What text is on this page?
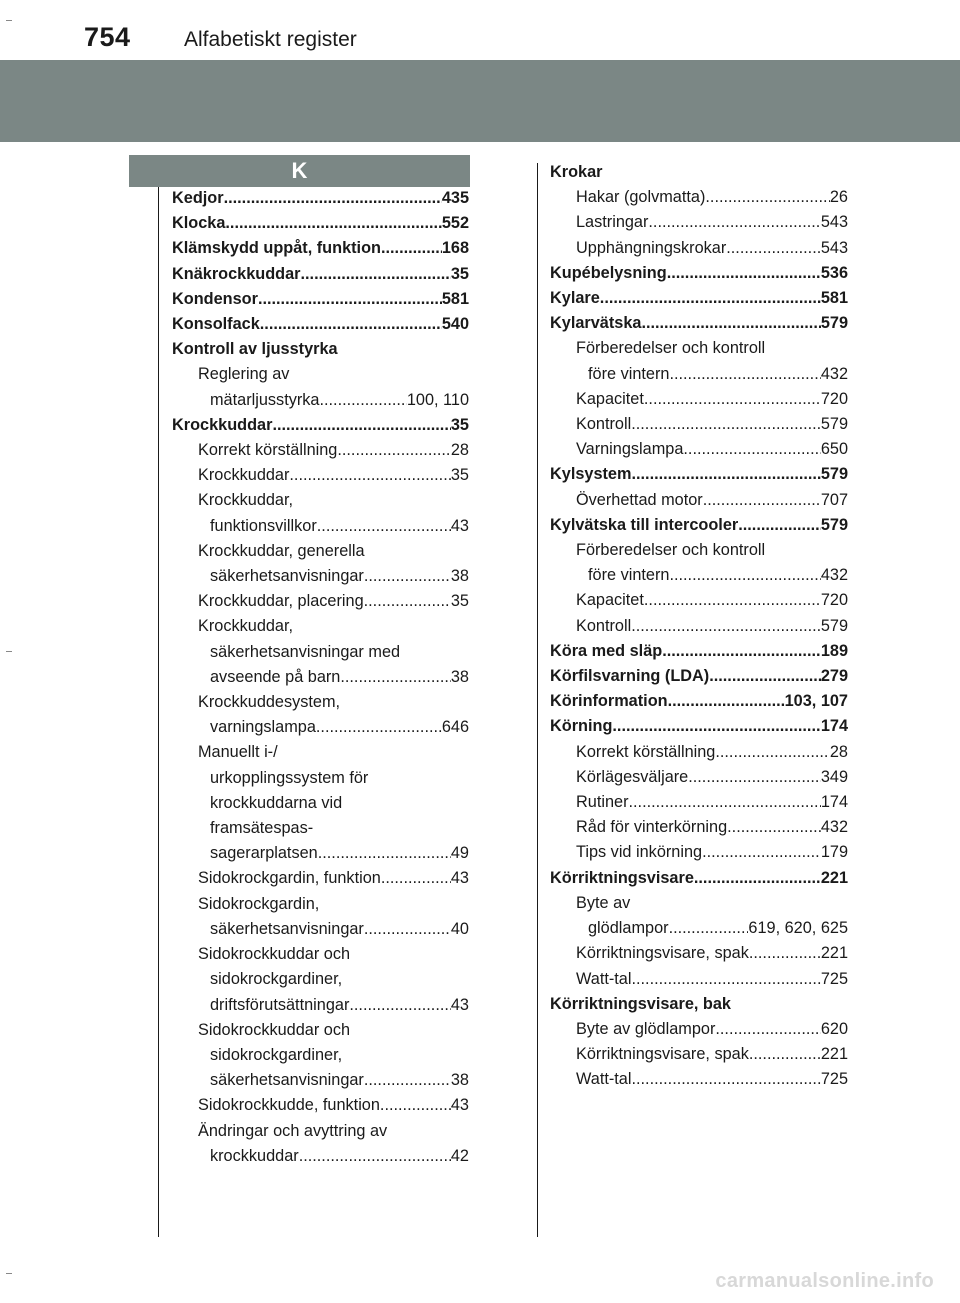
754	Alfabetiskt register
K
Kedjor .....	435
Klocka .....	552
Klämskydd uppåt, funktion .....	168
Knäkrockkuddar .....	35
Kondensor .....	581
Konsolfack .....	540
Kontroll av ljusstyrka
Reglering av
mätarljusstyrka .....	100, 110
Krockkuddar .....	35
Korrekt körställning .....	28
Krockkuddar .....	35
Krockkuddar,
funktionsvillkor .....	43
Krockkuddar, generella
säkerhetsanvisningar .....	38
Krockkuddar, placering .....	35
Krockkuddar,
säkerhetsanvisningar med
avseende på barn .....	38
Krockkuddesystem,
varningslampa .....	646
Manuellt i-/
urkopplingssystem för
krockkuddarna vid
framsätespas-
sagerarplatsen .....	49
Sidokrockgardin, funktion .....	43
Sidokrockgardin,
säkerhetsanvisningar .....	40
Sidokrockkuddar och
sidokrockgardiner,
driftsförutsättningar .....	43
Sidokrockkuddar och
sidokrockgardiner,
säkerhetsanvisningar .....	38
Sidokrockkudde, funktion .....	43
Ändringar och avyttring av
krockkuddar .....	42
Krokar
Hakar (golvmatta) .....	26
Lastringar .....	543
Upphängningskrokar .....	543
Kupébelysning .....	536
Kylare .....	581
Kylarvätska .....	579
Förberedelser och kontroll
före vintern .....	432
Kapacitet .....	720
Kontroll .....	579
Varningslampa .....	650
Kylsystem .....	579
Överhettad motor .....	707
Kylvätska till intercooler .....	579
Förberedelser och kontroll
före vintern .....	432
Kapacitet .....	720
Kontroll .....	579
Köra med släp .....	189
Körfilsvarning (LDA) .....	279
Körinformation .....	103, 107
Körning .....	174
Korrekt körställning .....	28
Körlägesväljare .....	349
Rutiner .....	174
Råd för vinterkörning .....	432
Tips vid inkörning .....	179
Körriktningsvisare .....	221
Byte av
glödlampor .....	619, 620, 625
Körriktningsvisare, spak .....	221
Watt-tal .....	725
Körriktningsvisare, bak
Byte av glödlampor .....	620
Körriktningsvisare, spak .....	221
Watt-tal .....	725
carmanualsonline.info
